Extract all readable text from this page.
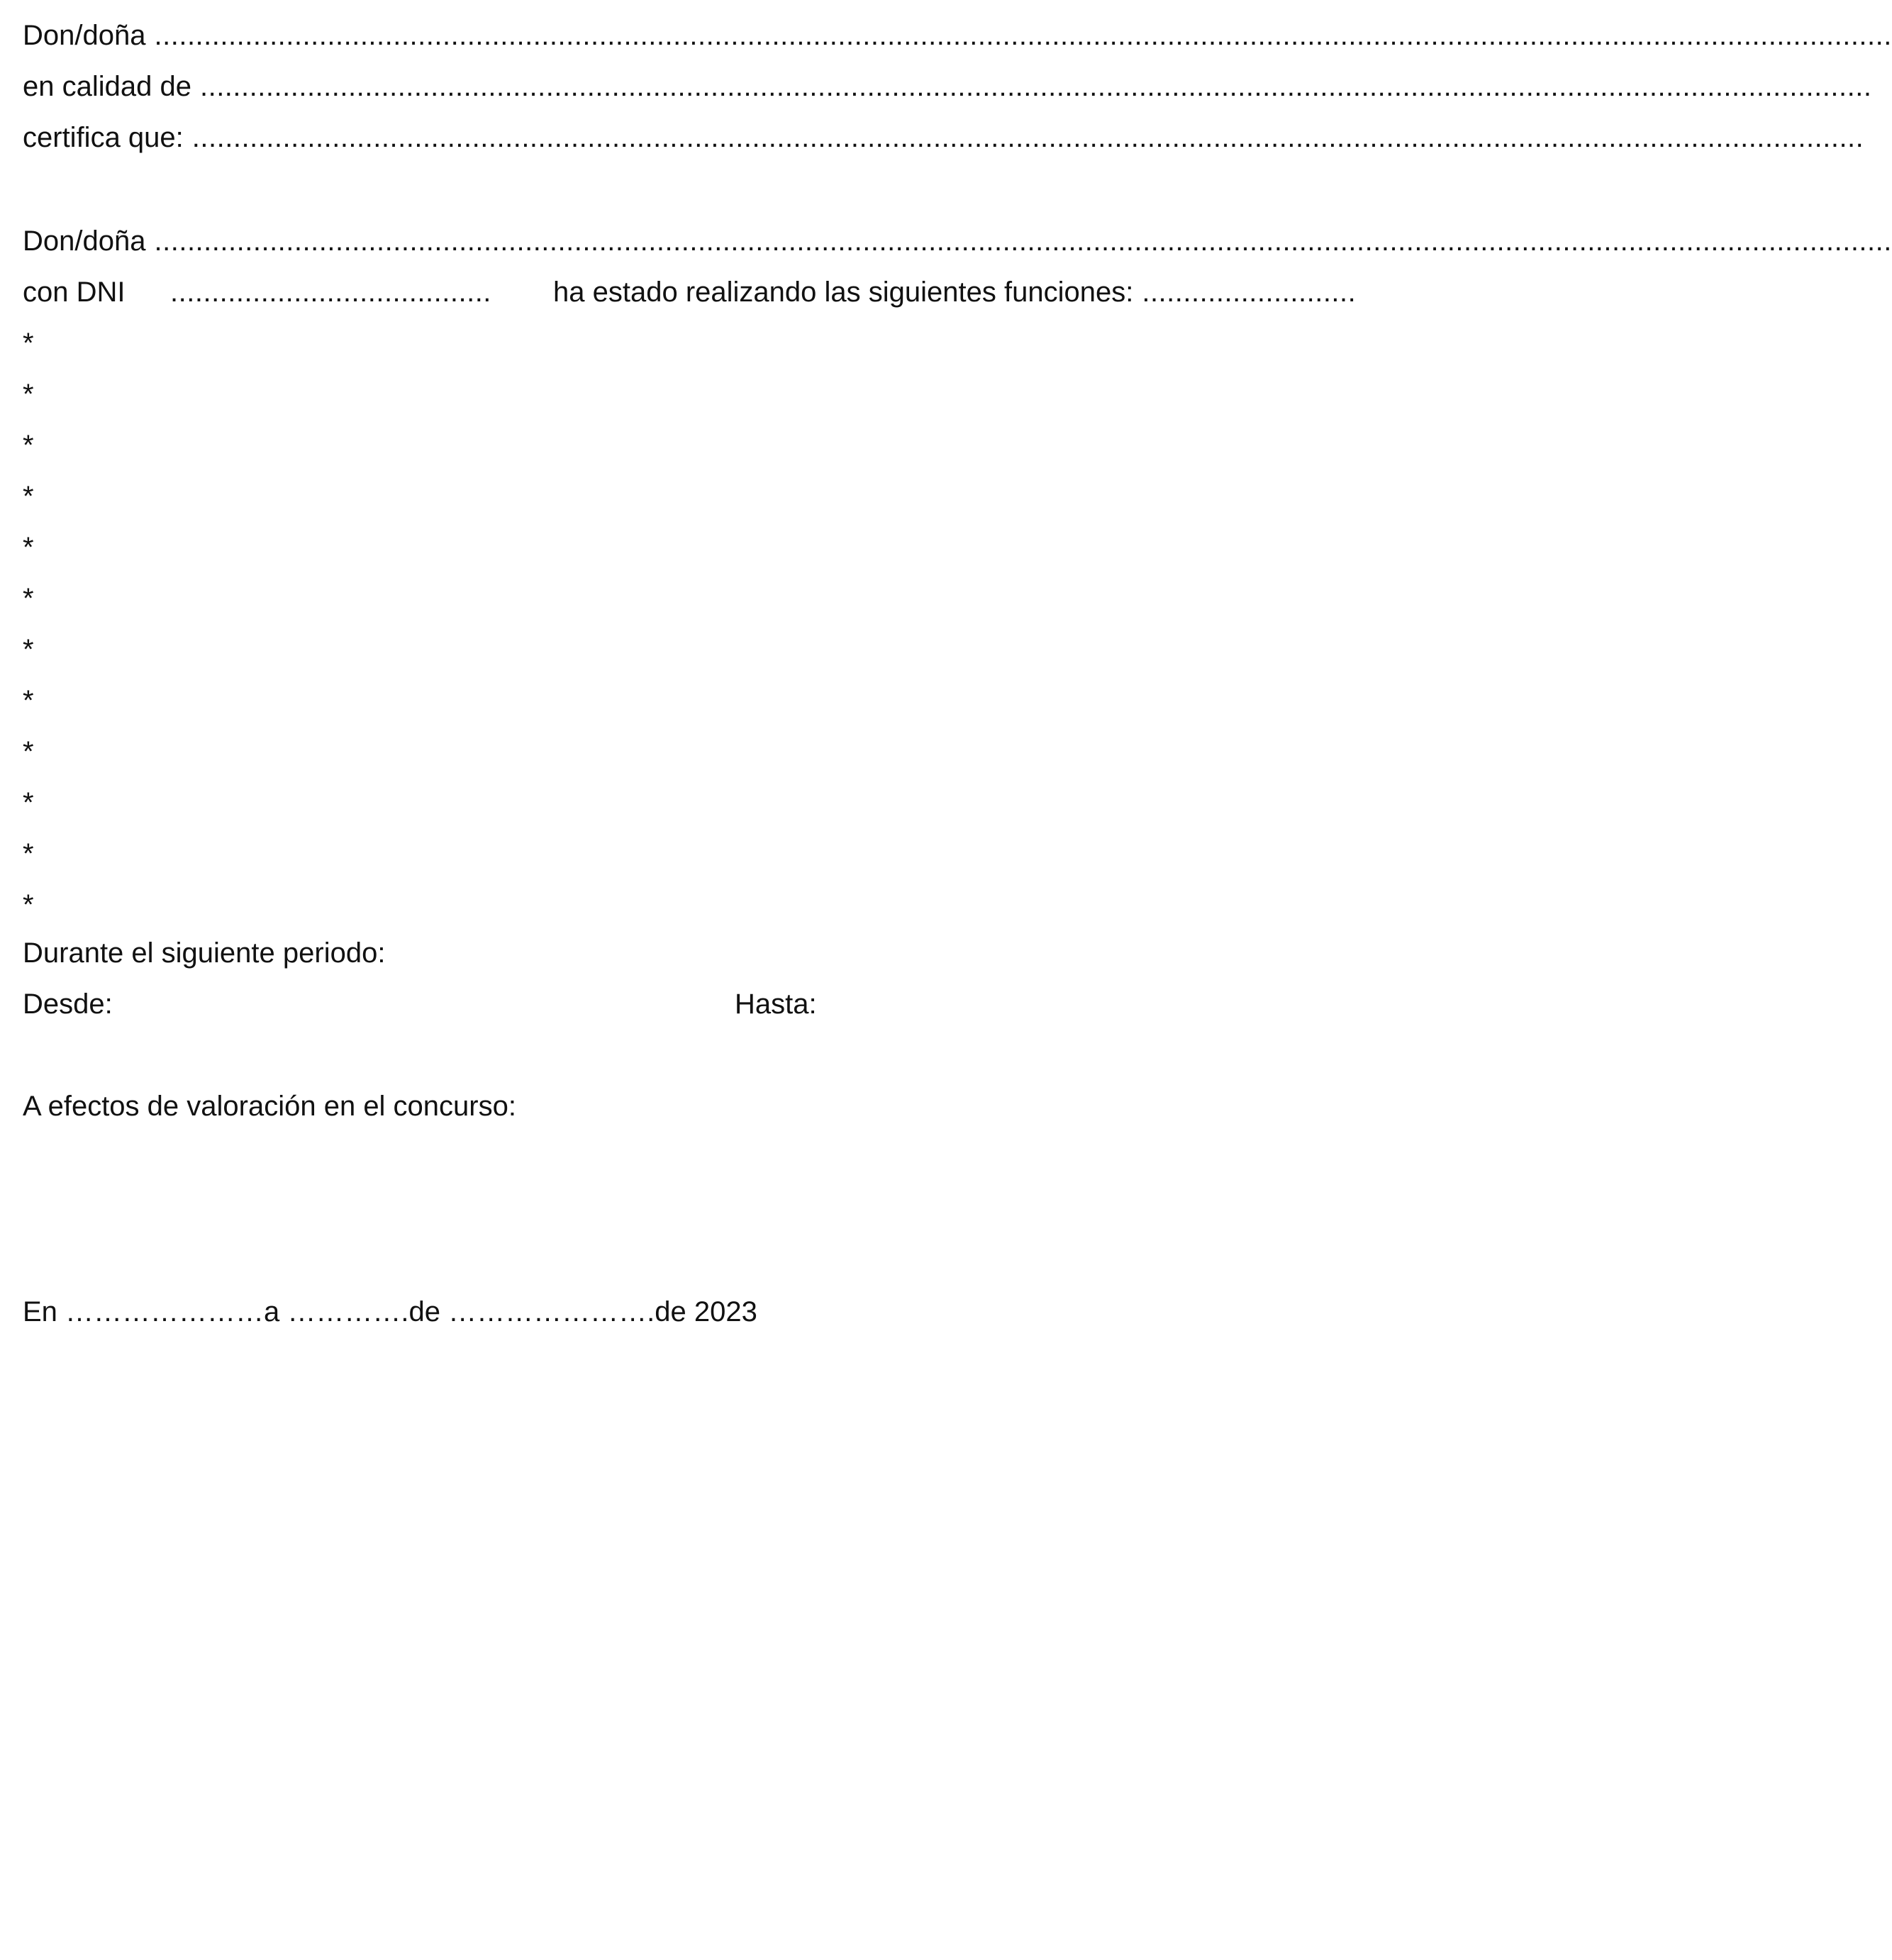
Don/doña ...................................................................................................................................................................................................................
en calidad de ...........................................................................................................................................................................................................
certifica que: ...........................................................................................................................................................................................................
Don/doña ...................................................................................................................................................................................................................
con DNI	.......................................	ha estado realizando las siguientes funciones: ..........................
*
*
*
*
*
*
*
*
*
*
*
*
Durante el siguiente periodo:
Desde:	Hasta:
A efectos de valoración en el concurso:
En …………………a ………….de ………………….de 2023
